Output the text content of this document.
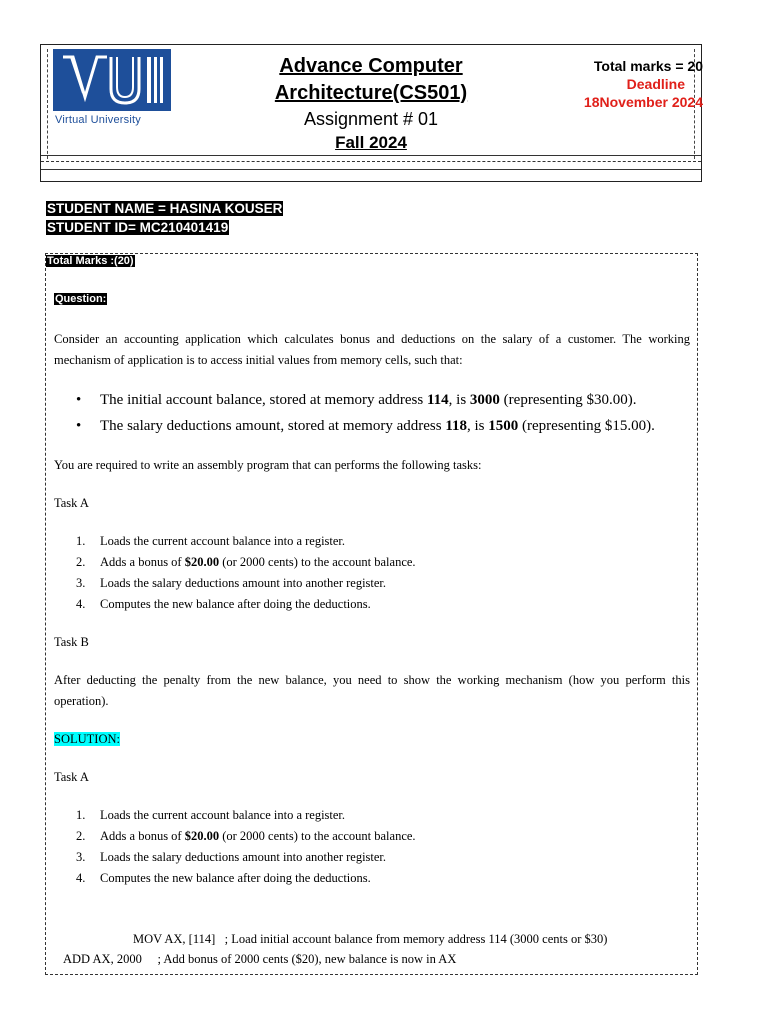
Virtual University
Advance Computer
Architecture(CS501)
Assignment # 01
Fall 2024
Total marks = 20
Deadline
18November 2024
STUDENT NAME = HASINA KOUSER
STUDENT ID= MC210401419
Total Marks :(20)
Question:
Consider an accounting application which calculates bonus and deductions on the salary of a customer. The working mechanism of application is to access initial values from memory cells, such that:
• The initial account balance, stored at memory address 114, is 3000 (representing $30.00).
• The salary deductions amount, stored at memory address 118, is 1500 (representing $15.00).
You are required to write an assembly program that can performs the following tasks:
Task A
1. Loads the current account balance into a register.
2. Adds a bonus of $20.00 (or 2000 cents) to the account balance.
3. Loads the salary deductions amount into another register.
4. Computes the new balance after doing the deductions.
Task B
After deducting the penalty from the new balance, you need to show the working mechanism (how you perform this operation).
SOLUTION:
Task A
1. Loads the current account balance into a register.
2. Adds a bonus of $20.00 (or 2000 cents) to the account balance.
3. Loads the salary deductions amount into another register.
4. Computes the new balance after doing the deductions.
MOV AX, [114]   ; Load initial account balance from memory address 114 (3000 cents or $30)
ADD AX, 2000     ; Add bonus of 2000 cents ($20), new balance is now in AX
